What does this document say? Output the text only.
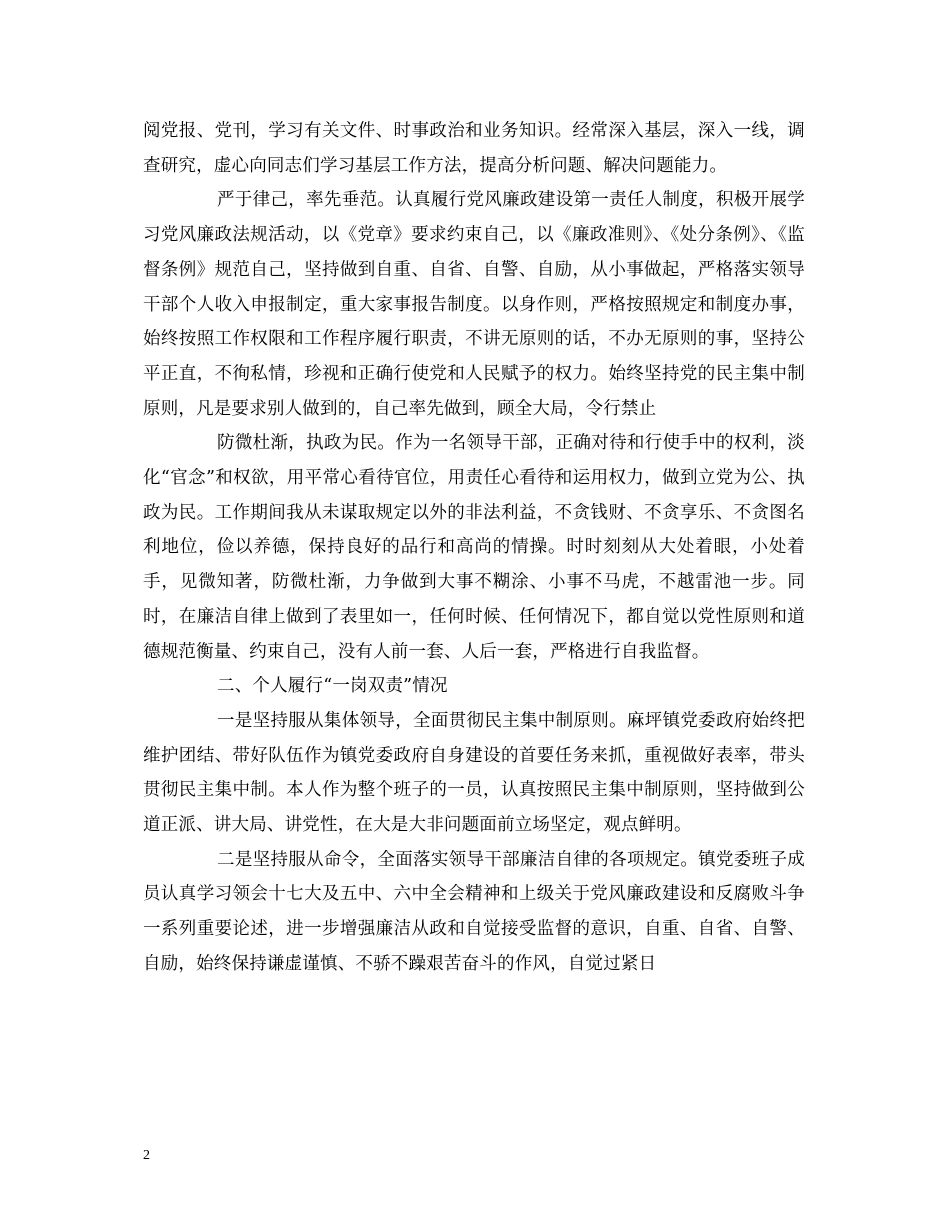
阅党报、党刊，学习有关文件、时事政治和业务知识。经常深入基层，深入一线，调查研究，虚心向同志们学习基层工作方法，提高分析问题、解决问题能力。

严于律己，率先垂范。认真履行党风廉政建设第一责任人制度，积极开展学习党风廉政法规活动，以《党章》要求约束自己，以《廉政准则》、《处分条例》、《监督条例》规范自己，坚持做到自重、自省、自警、自励，从小事做起，严格落实领导干部个人收入申报制定，重大家事报告制度。以身作则，严格按照规定和制度办事，始终按照工作权限和工作程序履行职责，不讲无原则的话，不办无原则的事，坚持公平正直，不徇私情，珍视和正确行使党和人民赋予的权力。始终坚持党的民主集中制原则，凡是要求别人做到的，自己率先做到，顾全大局，令行禁止

防微杜渐，执政为民。作为一名领导干部，正确对待和行使手中的权利，淡化“官念”和权欲，用平常心看待官位，用责任心看待和运用权力，做到立党为公、执政为民。工作期间我从未谋取规定以外的非法利益，不贪钱财、不贪享乐、不贪图名利地位，俭以养德，保持良好的品行和高尚的情操。时时刻刻从大处着眼，小处着手，见微知著，防微杜渐，力争做到大事不糊涂、小事不马虎，不越雷池一步。同时，在廉洁自律上做到了表里如一，任何时候、任何情况下，都自觉以党性原则和道德规范衡量、约束自己，没有人前一套、人后一套，严格进行自我监督。

二、个人履行“一岗双责”情况

一是坚持服从集体领导，全面贯彻民主集中制原则。麻坪镇党委政府始终把维护团结、带好队伍作为镇党委政府自身建设的首要任务来抓，重视做好表率，带头贯彻民主集中制。本人作为整个班子的一员，认真按照民主集中制原则，坚持做到公道正派、讲大局、讲党性，在大是大非问题面前立场坚定，观点鲜明。

二是坚持服从命令，全面落实领导干部廉洁自律的各项规定。镇党委班子成员认真学习领会十七大及五中、六中全会精神和上级关于党风廉政建设和反腐败斗争一系列重要论述，进一步增强廉洁从政和自觉接受监督的意识，自重、自省、自警、自励，始终保持谦虚谨慎、不骄不躁艰苦奋斗的作风，自觉过紧日

2
